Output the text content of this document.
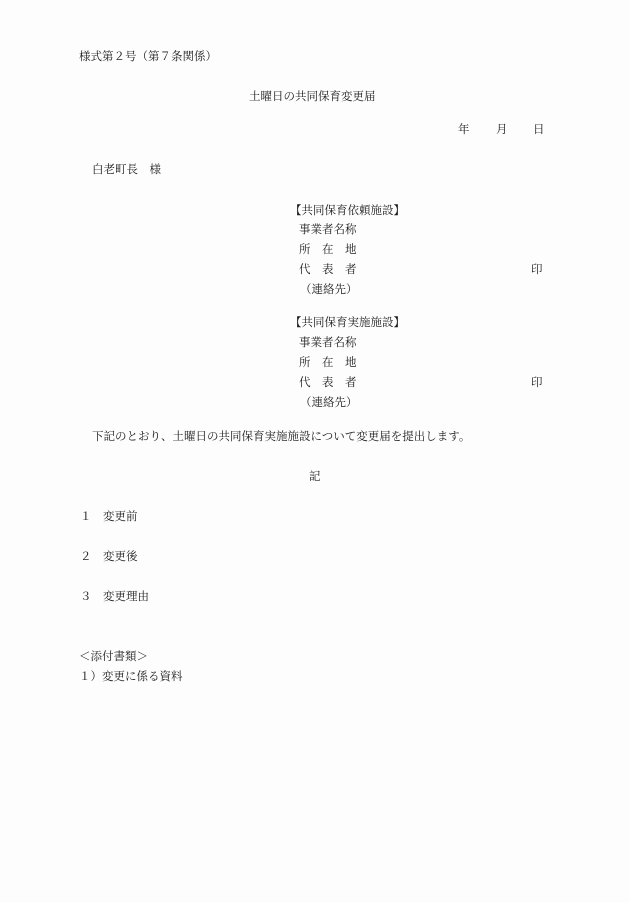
様式第２号（第７条関係）
土曜日の共同保育変更届
年 月 日
白老町長　様
【共同保育依頼施設】
事業者名称
所　在　地
代　表　者	印
（連絡先）
【共同保育実施施設】
事業者名称
所　在　地
代　表　者	印
（連絡先）
下記のとおり、土曜日の共同保育実施施設について変更届を提出します。
記
１ 変更前
２ 変更後
３ 変更理由
＜添付書類＞
１）変更に係る資料
